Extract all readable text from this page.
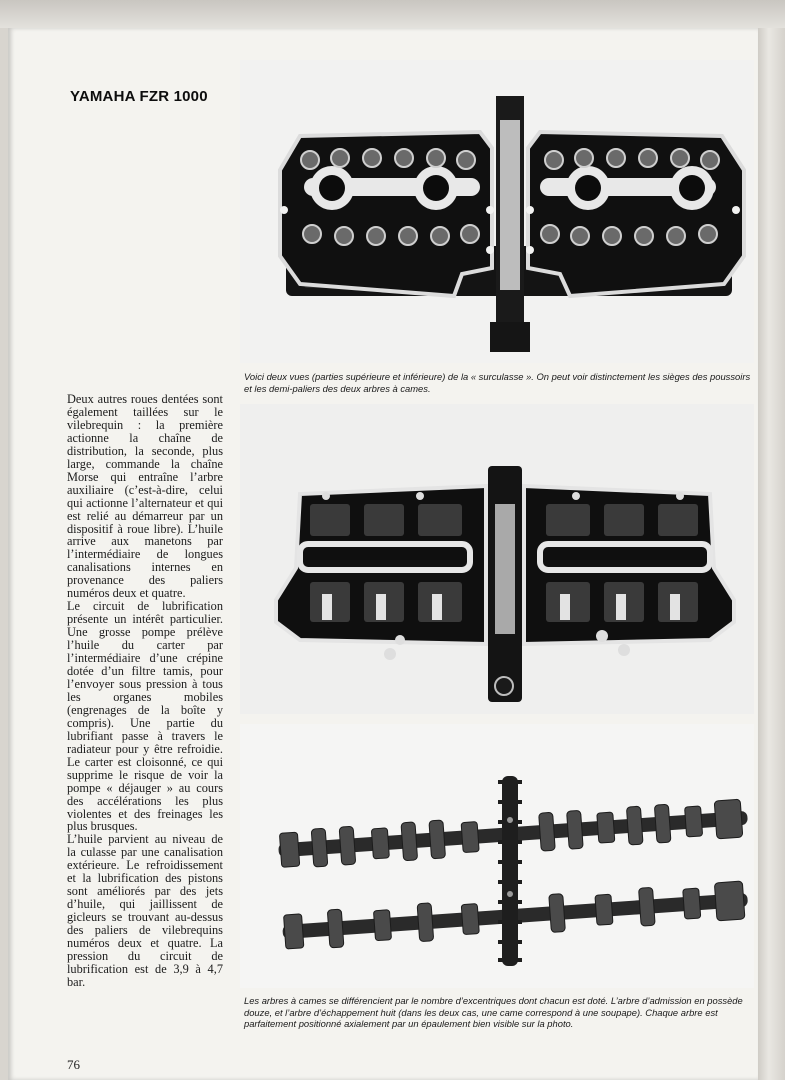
YAMAHA FZR 1000
Voici deux vues (parties supérieure et inférieure) de la « surculasse ». On peut voir distinctement les sièges des poussoirs et les demi-paliers des deux arbres à cames.
Les arbres à cames se différencient par le nombre d’excentriques dont chacun est doté. L’arbre d’admission en possède douze, et l’arbre d’échappement huit (dans les deux cas, une came correspond à une soupape). Chaque arbre est parfaitement positionné axialement par un épaulement bien visible sur la photo.

Deux autres roues dentées sont également taillées sur le vilebrequin : la première actionne la chaîne de distribution, la seconde, plus large, commande la chaîne Morse qui entraîne l’arbre auxiliaire (c’est-à-dire, celui qui actionne l’alternateur et qui est relié au démarreur par un dispositif à roue libre). L’huile arrive aux manetons par l’intermédiaire de longues canalisations internes en provenance des paliers numéros deux et quatre.

Le circuit de lubrification présente un intérêt particulier. Une grosse pompe prélève l’huile du carter par l’intermédiaire d’une crépine dotée d’un filtre tamis, pour l’envoyer sous pression à tous les organes mobiles (engrenages de la boîte y compris). Une partie du lubrifiant passe à travers le radiateur pour y être refroidie. Le carter est cloisonné, ce qui supprime le risque de voir la pompe « déjauger » au cours des accélérations les plus violentes et des freinages les plus brusques.

L’huile parvient au niveau de la culasse par une canalisation extérieure. Le refroidissement et la lubrification des pistons sont améliorés par des jets d’huile, qui jaillissent de gicleurs se trouvant au-dessus des paliers de vilebrequins numéros deux et quatre. La pression du circuit de lubrification est de 3,9 à 4,7 bar.

76
